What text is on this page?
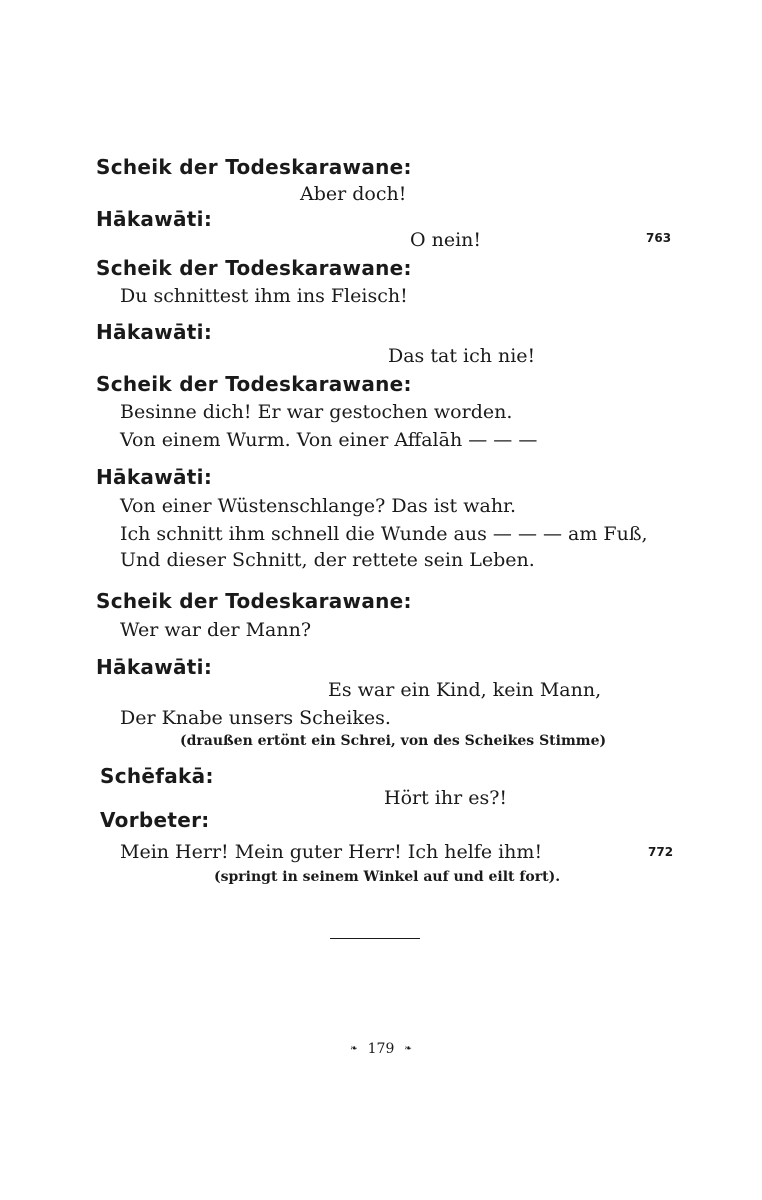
Scheik der Todeskarawane:
Aber doch!
Hākawāti:
O nein!	763
Scheik der Todeskarawane:
Du schnittest ihm ins Fleisch!
Hākawāti:
Das tat ich nie!
Scheik der Todeskarawane:
Besinne dich! Er war gestochen worden.
Von einem Wurm. Von einer Affalāh — — —
Hākawāti:
Von einer Wüstenschlange? Das ist wahr.
Ich schnitt ihm schnell die Wunde aus — — — am Fuß,
Und dieser Schnitt, der rettete sein Leben.
Scheik der Todeskarawane:
Wer war der Mann?
Hākawāti:
Es war ein Kind, kein Mann,
Der Knabe unsers Scheikes.
(draußen ertönt ein Schrei, von des Scheikes Stimme)
Schēfakā:
Hört ihr es?!
Vorbeter:
Mein Herr! Mein guter Herr! Ich helfe ihm!	772
(springt in seinem Winkel auf und eilt fort).
❧ 179 ❧
